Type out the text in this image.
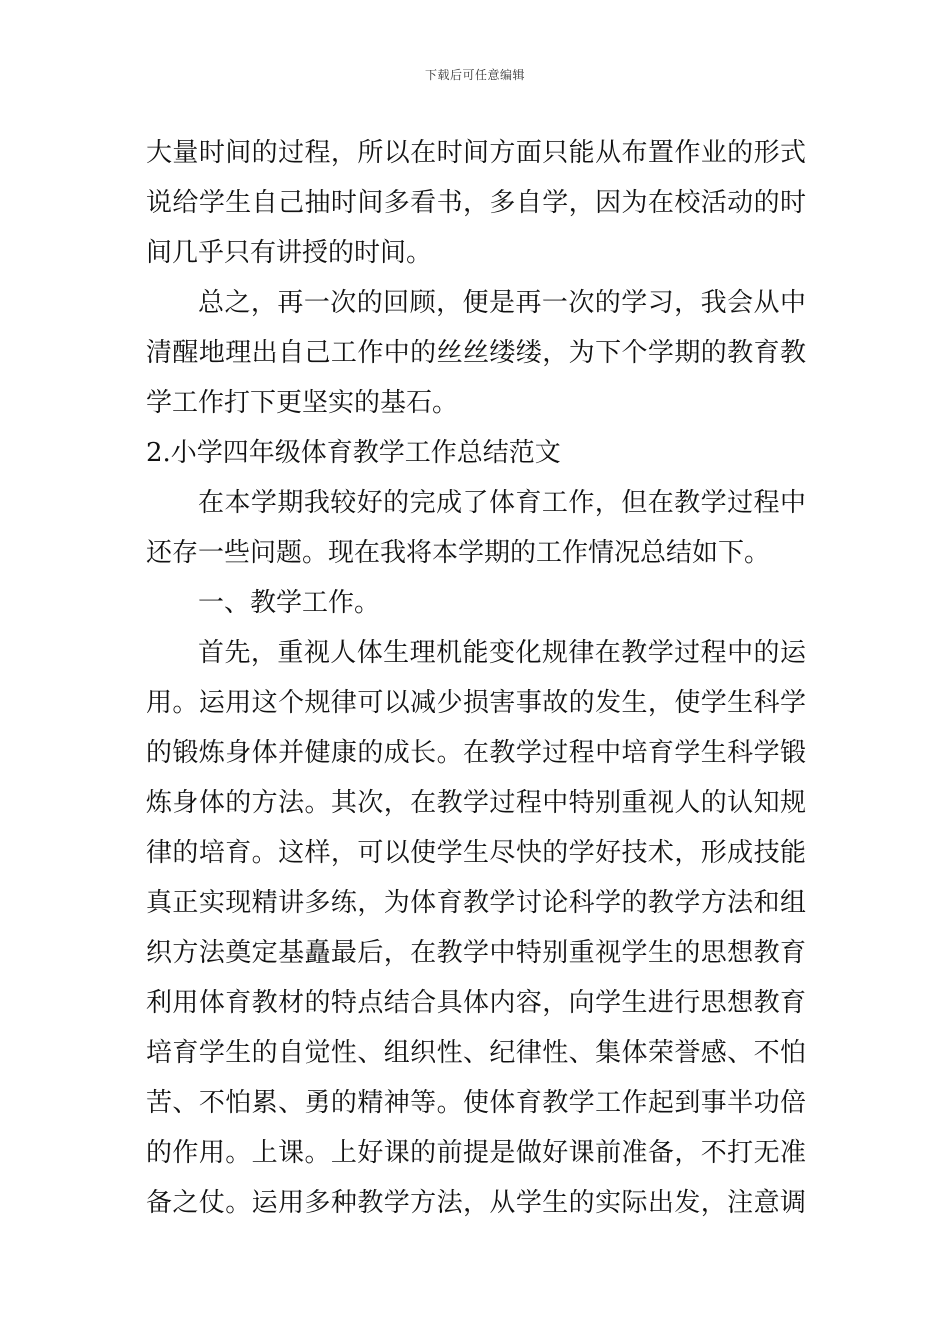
下载后可任意编辑
大量时间的过程，所以在时间方面只能从布置作业的形式
说给学生自己抽时间多看书，多自学，因为在校活动的时
间几乎只有讲授的时间。
总之，再一次的回顾，便是再一次的学习，我会从中
清醒地理出自己工作中的丝丝缕缕，为下个学期的教育教
学工作打下更坚实的基石。
2.小学四年级体育教学工作总结范文
在本学期我较好的完成了体育工作，但在教学过程中
还存一些问题。现在我将本学期的工作情况总结如下。
一、教学工作。
首先，重视人体生理机能变化规律在教学过程中的运
用。运用这个规律可以减少损害事故的发生，使学生科学
的锻炼身体并健康的成长。在教学过程中培育学生科学锻
炼身体的方法。其次，在教学过程中特别重视人的认知规
律的培育。这样，可以使学生尽快的学好技术，形成技能
真正实现精讲多练，为体育教学讨论科学的教学方法和组
织方法奠定基矗最后，在教学中特别重视学生的思想教育
利用体育教材的特点结合具体内容，向学生进行思想教育
培育学生的自觉性、组织性、纪律性、集体荣誉感、不怕
苦、不怕累、勇的精神等。使体育教学工作起到事半功倍
的作用。上课。上好课的前提是做好课前准备，不打无准
备之仗。运用多种教学方法，从学生的实际出发，注意调
